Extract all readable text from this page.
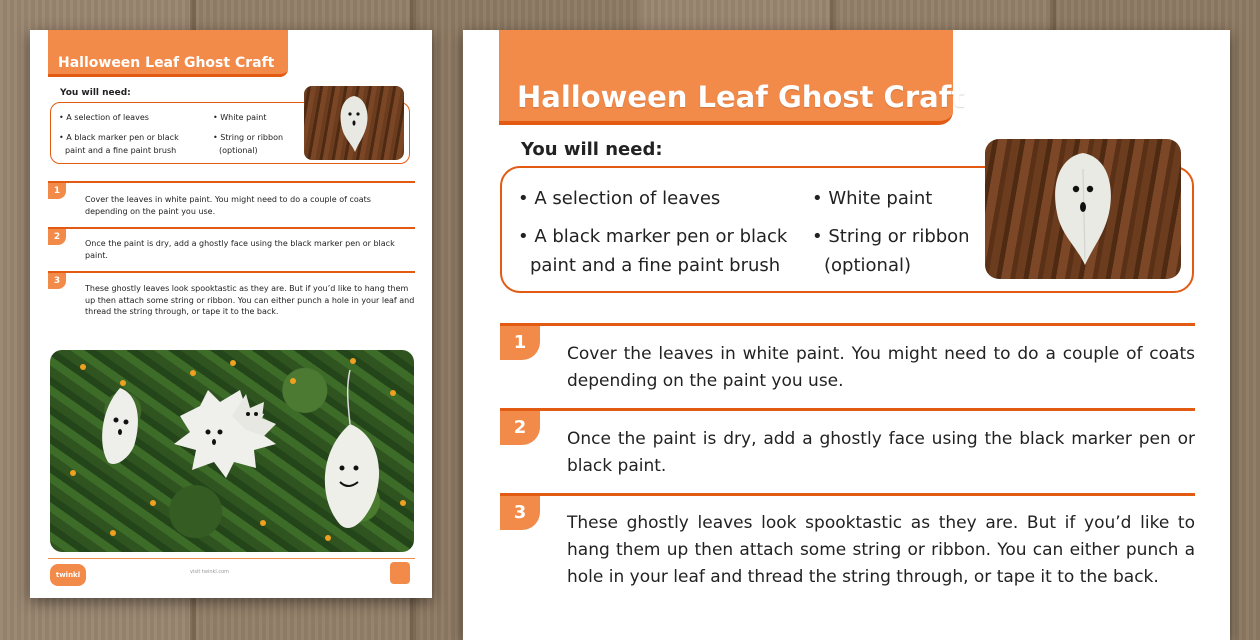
Halloween Leaf Ghost Craft
You will need:
• A selection of leaves
• A black marker pen or black
paint and a fine paint brush
• White paint
• String or ribbon
(optional)
1
Cover the leaves in white paint. You might need to do a couple of coats depending on the paint you use.
2
Once the paint is dry, add a ghostly face using the black marker pen or black paint.
3
These ghostly leaves look spooktastic as they are. But if you’d like to hang them up then attach some string or ribbon. You can either punch a hole in your leaf and thread the string through, or tape it to the back.
twinkl	visit twinkl.com
Halloween Leaf Ghost Craft
You will need:
• A selection of leaves
• A black marker pen or black
paint and a fine paint brush
• White paint
• String or ribbon
(optional)
1
Cover the leaves in white paint. You might need to do a couple of coats depending on the paint you use.
2
Once the paint is dry, add a ghostly face using the black marker pen or black paint.
3	These ghostly leaves look spooktastic as they are. But if you’d like to hang them up then attach some string or ribbon. You can either punch a hole in your leaf and thread the string through, or tape it to the back.
